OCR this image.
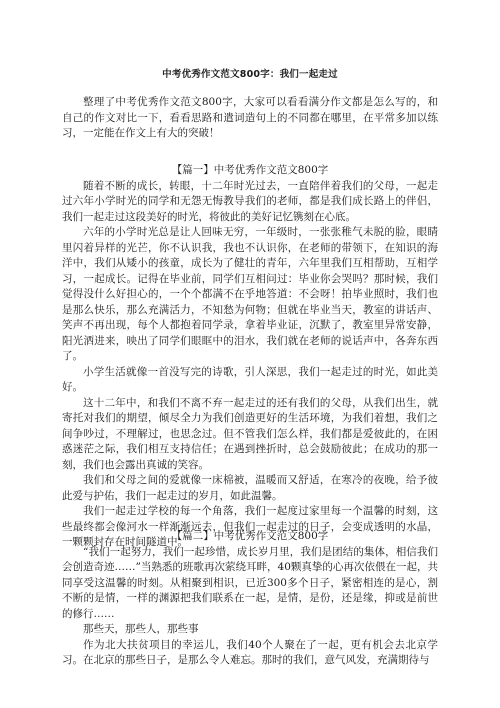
中考优秀作文范文800字：我们一起走过

整理了中考优秀作文范文800字，大家可以看看满分作文都是怎么写的，和自己的作文对比一下，看看思路和遣词造句上的不同都在哪里，在平常多加以练习，一定能在作文上有大的突破！

【篇一】中考优秀作文范文800字

随着不断的成长，转眼，十二年时光过去，一直陪伴着我们的父母，一起走过六年小学时光的同学和无怨无悔教导我们的老师，都是我们成长路上的伴侣，我们一起走过这段美好的时光，将彼此的美好记忆镌刻在心底。

六年的小学时光总是让人回味无穷，一年级时，一张张稚气未脱的脸，眼睛里闪着异样的光芒，你不认识我，我也不认识你，在老师的带领下，在知识的海洋中，我们从矮小的孩童，成长为了健壮的青年，六年里我们互相帮助，互相学习，一起成长。记得在毕业前，同学们互相问过：毕业你会哭吗？那时候，我们觉得没什么好担心的，一个个都满不在乎地答道：不会呀！拍毕业照时，我们也是那么快乐，那么充满活力，不知愁为何物；但就在毕业当天，教室的讲话声、笑声不再出现，每个人都抱着同学录，拿着毕业证，沉默了，教室里异常安静，阳光洒进来，映出了同学们眼眶中的泪水，我们就在老师的说话声中，各奔东西了。

小学生活就像一首没写完的诗歌，引人深思，我们一起走过的时光，如此美好。

这十二年中，和我们不离不弃一起走过的还有我们的父母，从我们出生，就寄托对我们的期望，倾尽全力为我们创造更好的生活环境，为我们着想，我们之间争吵过，不理解过，也思念过。但不管我们怎么样，我们都是爱彼此的，在困惑迷茫之际，我们相互支持信任；在遇到挫折时，总会鼓励彼此；在成功的那一刻，我们也会露出真诚的笑容。

我们和父母之间的爱就像一床棉被，温暖而又舒适，在寒冷的夜晚，给予彼此爱与护佑，我们一起走过的岁月，如此温馨。

我们一起走过学校的每一个角落，我们一起度过家里每一个温馨的时刻，这些最终都会像河水一样渐渐远去，但我们一起走过的日子，会变成透明的水晶，一颗颗封存在时间隧道中。

【篇二】中考优秀作文范文800字

“我们一起努力，我们一起珍惜，成长岁月里，我们是团结的集体，相信我们会创造奇迹……”当熟悉的班歌再次萦绕耳畔，40颗真挚的心再次依偎在一起，共同享受这温馨的时刻。从相聚到相识，已近300多个日子，紧密相连的是心，割不断的是情，一样的渊源把我们联系在一起，是情，是份，还是缘，抑或是前世的修行……

那些天，那些人，那些事

作为北大扶贫项目的幸运儿，我们40个人聚在了一起，更有机会去北京学习。在北京的那些日子，是那么令人难忘。那时的我们，意气风发，充满期待与
